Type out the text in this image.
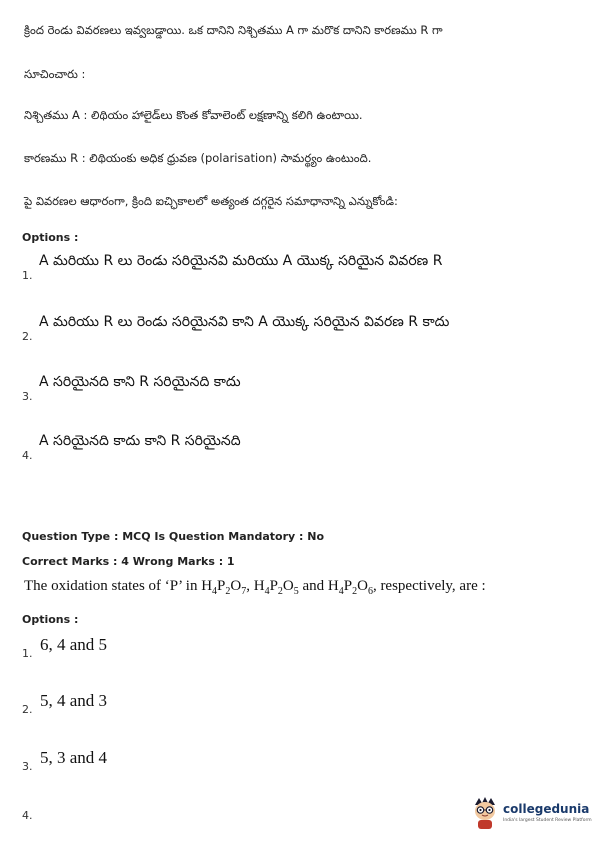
క్రింద రెండు వివరణలు ఇవ్వబడ్డాయి. ఒక దానిని నిశ్చితము A గా మరొక దానిని కారణము R గా
సూచించారు :
నిశ్చితము A : లిథియం హాలైడ్‌లు కొంత కోవాలెంట్ లక్షణాన్ని కలిగి ఉంటాయి.
కారణము R : లిథియంకు అధిక ధ్రువణ (polarisation) సామర్థ్యం ఉంటుంది.
పై వివరణల ఆధారంగా, క్రింది ఐచ్ఛికాలలో అత్యంత దగ్గరైన సమాధానాన్ని ఎన్నుకోండి:
Options :
1.
A మరియు R లు రెండు సరియైనవి మరియు A యొక్క సరియైన వివరణ R
2.
A మరియు R లు రెండు సరియైనవి కాని A యొక్క సరియైన వివరణ R కాదు
3.
A సరియైనది కాని R సరియైనది కాదు
4.
A సరియైనది కాదు కాని R సరియైనది
Question Type : MCQ Is Question Mandatory : No
Correct Marks : 4 Wrong Marks : 1
The oxidation states of ‘P’ in $H_4P_2O_7$, $H_4P_2O_5$ and $H_4P_2O_6$, respectively, are :
Options :
1. 6, 4 and 5
2. 5, 4 and 3
3. 5, 3 and 4
4.	collegedunia
India's largest Student Review Platform
